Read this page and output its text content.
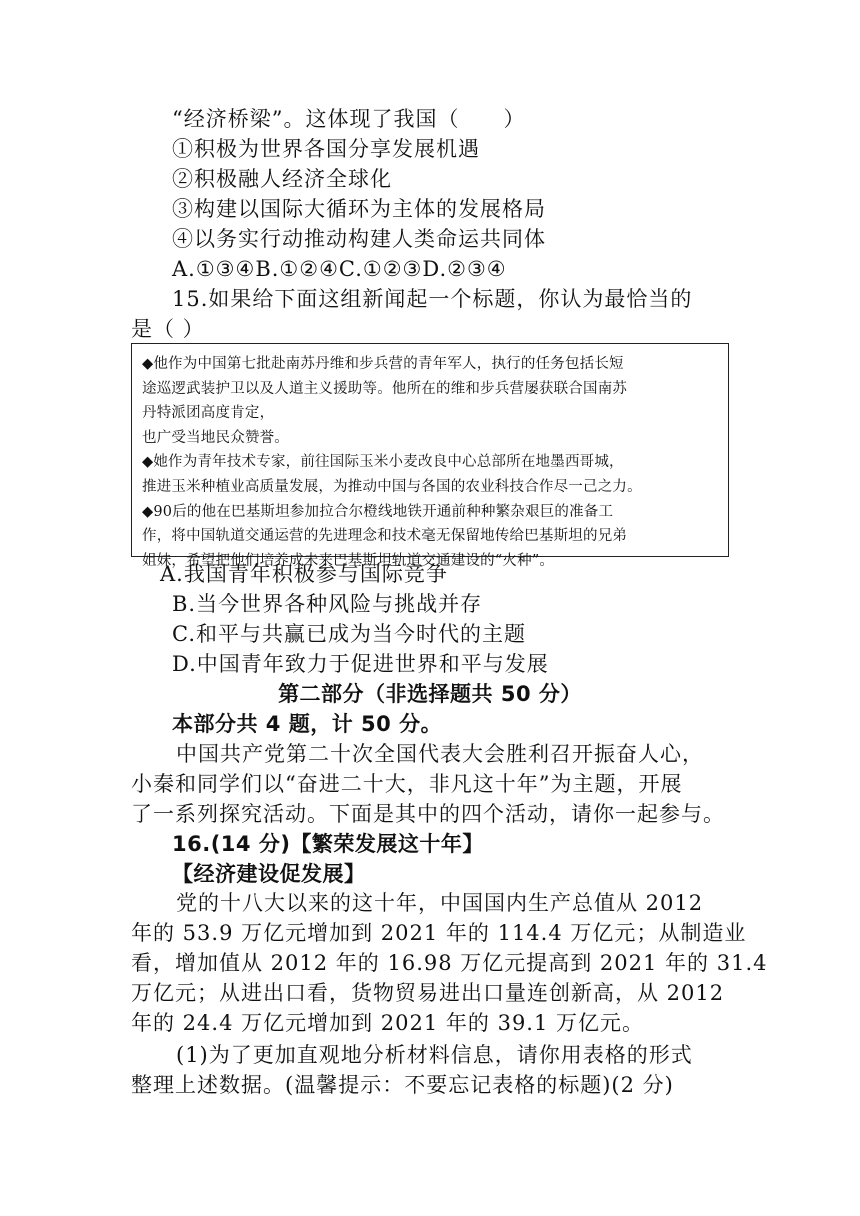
“经济桥梁”。这体现了我国（　　）
①积极为世界各国分享发展机遇
②积极融人经济全球化
③构建以国际大循环为主体的发展格局
④以务实行动推动构建人类命运共同体
A.①③④B.①②④C.①②③D.②③④
15.如果给下面这组新闻起一个标题，你认为最恰当的
是（ ）
◆他作为中国第七批赴南苏丹维和步兵营的青年军人，执行的任务包括长短
途巡逻武装护卫以及人道主义援助等。他所在的维和步兵营屡获联合国南苏
丹特派团高度肯定，
也广受当地民众赞誉。
◆她作为青年技术专家，前往国际玉米小麦改良中心总部所在地墨西哥城，
推进玉米种植业高质量发展，为推动中国与各国的农业科技合作尽一己之力。
◆90后的他在巴基斯坦参加拉合尔橙线地铁开通前种种繁杂艰巨的准备工
作，将中国轨道交通运营的先进理念和技术毫无保留地传给巴基斯坦的兄弟
姐妹，希望把他们培养成未来巴基斯坦轨道交通建设的“火种”。
A.我国青年积极参与国际竞争
B.当今世界各种风险与挑战并存
C.和平与共赢已成为当今时代的主题
D.中国青年致力于促进世界和平与发展
第二部分（非选择题共 50 分）
本部分共 4 题，计 50 分。
中国共产党第二十次全国代表大会胜利召开振奋人心，
小秦和同学们以“奋进二十大，非凡这十年”为主题，开展
了一系列探究活动。下面是其中的四个活动，请你一起参与。
16.(14 分)【繁荣发展这十年】
【经济建设促发展】
党的十八大以来的这十年，中国国内生产总值从 2012
年的 53.9 万亿元增加到 2021 年的 114.4 万亿元；从制造业
看，增加值从 2012 年的 16.98 万亿元提高到 2021 年的 31.4
万亿元；从进出口看，货物贸易进出口量连创新高，从 2012
年的 24.4 万亿元增加到 2021 年的 39.1 万亿元。
(1)为了更加直观地分析材料信息，请你用表格的形式
整理上述数据。(温馨提示：不要忘记表格的标题)(2 分)
